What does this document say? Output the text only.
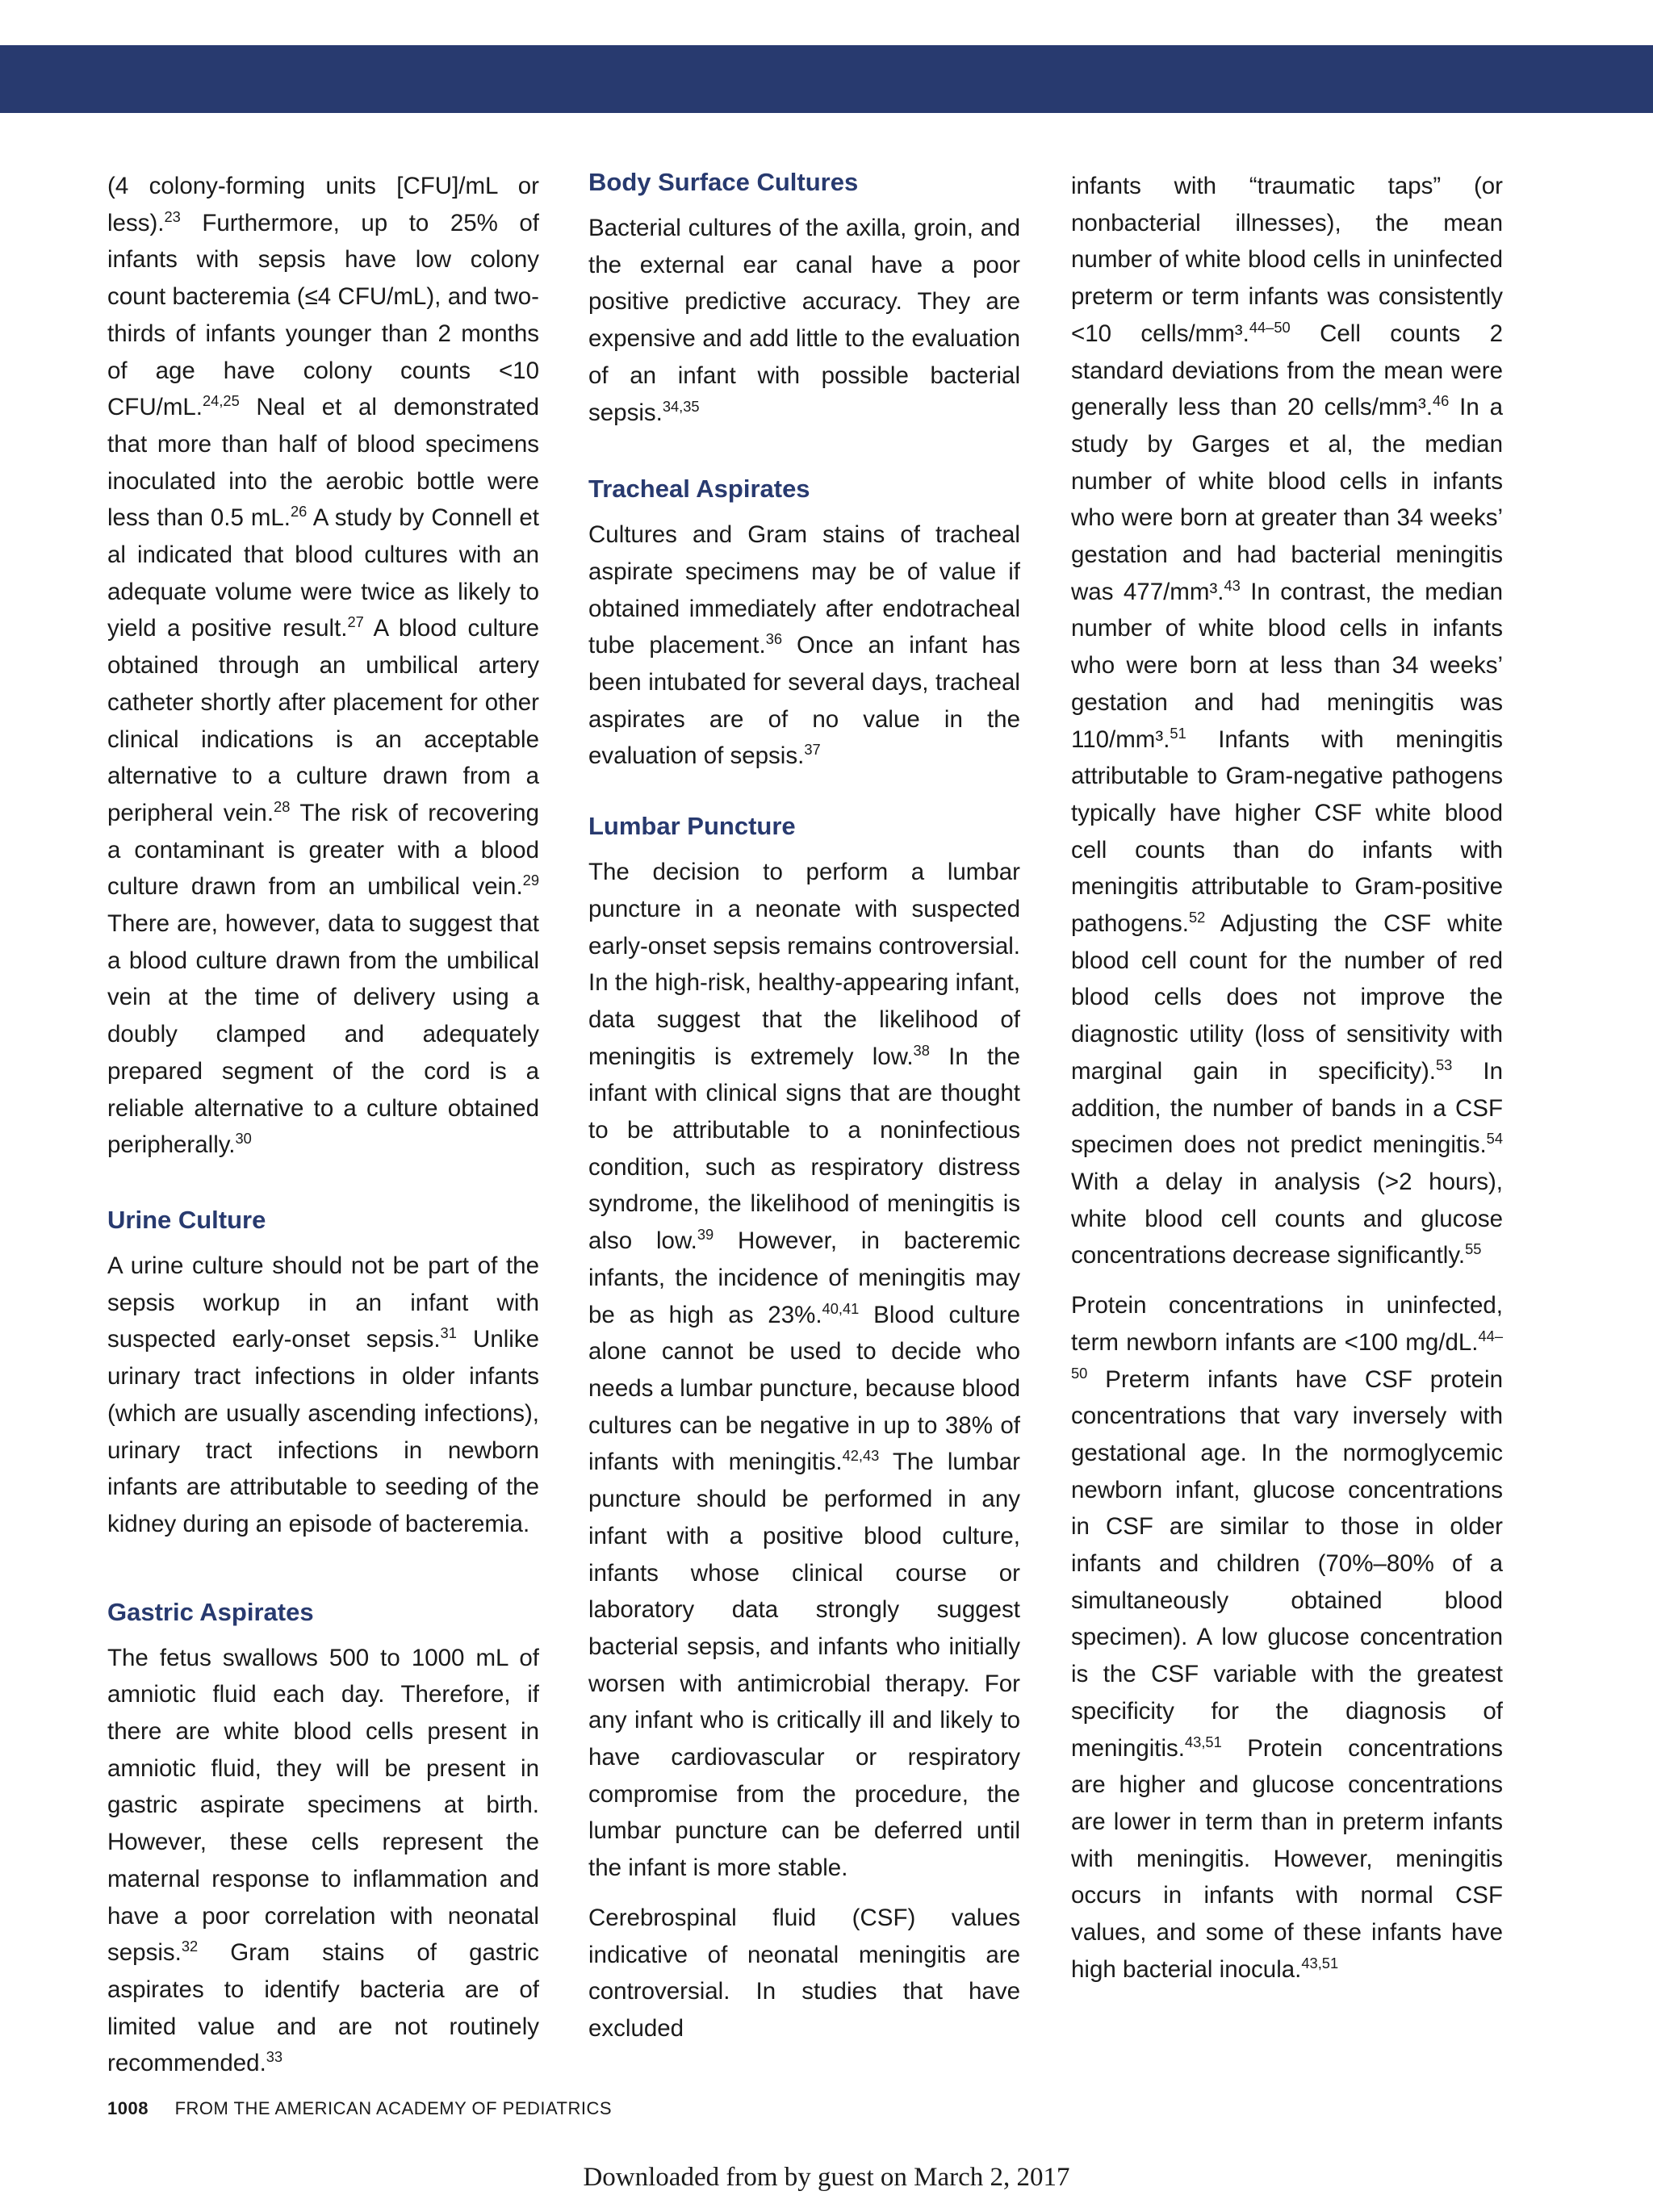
(4 colony-forming units [CFU]/mL or less).$^{23}$ Furthermore, up to 25% of infants with sepsis have low colony count bacteremia (≤4 CFU/mL), and two-thirds of infants younger than 2 months of age have colony counts <10 CFU/mL.$^{24,25}$ Neal et al demonstrated that more than half of blood specimens inoculated into the aerobic bottle were less than 0.5 mL.$^{26}$ A study by Connell et al indicated that blood cultures with an adequate volume were twice as likely to yield a positive result.$^{27}$ A blood culture obtained through an umbilical artery catheter shortly after placement for other clinical indications is an acceptable alternative to a culture drawn from a peripheral vein.$^{28}$ The risk of recovering a contaminant is greater with a blood culture drawn from an umbilical vein.$^{29}$ There are, however, data to suggest that a blood culture drawn from the umbilical vein at the time of delivery using a doubly clamped and adequately prepared segment of the cord is a reliable alternative to a culture obtained peripherally.$^{30}$

Urine Culture

A urine culture should not be part of the sepsis workup in an infant with suspected early-onset sepsis.$^{31}$ Unlike urinary tract infections in older infants (which are usually ascending infections), urinary tract infections in newborn infants are attributable to seeding of the kidney during an episode of bacteremia.

Gastric Aspirates

The fetus swallows 500 to 1000 mL of amniotic fluid each day. Therefore, if there are white blood cells present in amniotic fluid, they will be present in gastric aspirate specimens at birth. However, these cells represent the maternal response to inflammation and have a poor correlation with neonatal sepsis.$^{32}$ Gram stains of gastric aspirates to identify bacteria are of limited value and are not routinely recommended.$^{33}$

Body Surface Cultures

Bacterial cultures of the axilla, groin, and the external ear canal have a poor positive predictive accuracy. They are expensive and add little to the evaluation of an infant with possible bacterial sepsis.$^{34,35}$

Tracheal Aspirates

Cultures and Gram stains of tracheal aspirate specimens may be of value if obtained immediately after endotracheal tube placement.$^{36}$ Once an infant has been intubated for several days, tracheal aspirates are of no value in the evaluation of sepsis.$^{37}$

Lumbar Puncture

The decision to perform a lumbar puncture in a neonate with suspected early-onset sepsis remains controversial. In the high-risk, healthy-appearing infant, data suggest that the likelihood of meningitis is extremely low.$^{38}$ In the infant with clinical signs that are thought to be attributable to a noninfectious condition, such as respiratory distress syndrome, the likelihood of meningitis is also low.$^{39}$ However, in bacteremic infants, the incidence of meningitis may be as high as 23%.$^{40,41}$ Blood culture alone cannot be used to decide who needs a lumbar puncture, because blood cultures can be negative in up to 38% of infants with meningitis.$^{42,43}$ The lumbar puncture should be performed in any infant with a positive blood culture, infants whose clinical course or laboratory data strongly suggest bacterial sepsis, and infants who initially worsen with antimicrobial therapy. For any infant who is critically ill and likely to have cardiovascular or respiratory compromise from the procedure, the lumbar puncture can be deferred until the infant is more stable.

Cerebrospinal fluid (CSF) values indicative of neonatal meningitis are controversial. In studies that have excluded

infants with “traumatic taps” (or nonbacterial illnesses), the mean number of white blood cells in uninfected preterm or term infants was consistently <10 cells/mm³.$^{44-50}$ Cell counts 2 standard deviations from the mean were generally less than 20 cells/mm³.$^{46}$ In a study by Garges et al, the median number of white blood cells in infants who were born at greater than 34 weeks’ gestation and had bacterial meningitis was 477/mm³.$^{43}$ In contrast, the median number of white blood cells in infants who were born at less than 34 weeks’ gestation and had meningitis was 110/mm³.$^{51}$ Infants with meningitis attributable to Gram-negative pathogens typically have higher CSF white blood cell counts than do infants with meningitis attributable to Gram-positive pathogens.$^{52}$ Adjusting the CSF white blood cell count for the number of red blood cells does not improve the diagnostic utility (loss of sensitivity with marginal gain in specificity).$^{53}$ In addition, the number of bands in a CSF specimen does not predict meningitis.$^{54}$ With a delay in analysis (>2 hours), white blood cell counts and glucose concentrations decrease significantly.$^{55}$

Protein concentrations in uninfected, term newborn infants are <100 mg/dL.$^{44-50}$ Preterm infants have CSF protein concentrations that vary inversely with gestational age. In the normoglycemic newborn infant, glucose concentrations in CSF are similar to those in older infants and children (70%–80% of a simultaneously obtained blood specimen). A low glucose concentration is the CSF variable with the greatest specificity for the diagnosis of meningitis.$^{43,51}$ Protein concentrations are higher and glucose concentrations are lower in term than in preterm infants with meningitis. However, meningitis occurs in infants with normal CSF values, and some of these infants have high bacterial inocula.$^{43,51}$

1008 FROM THE AMERICAN ACADEMY OF PEDIATRICS
Downloaded from by guest on March 2, 2017
